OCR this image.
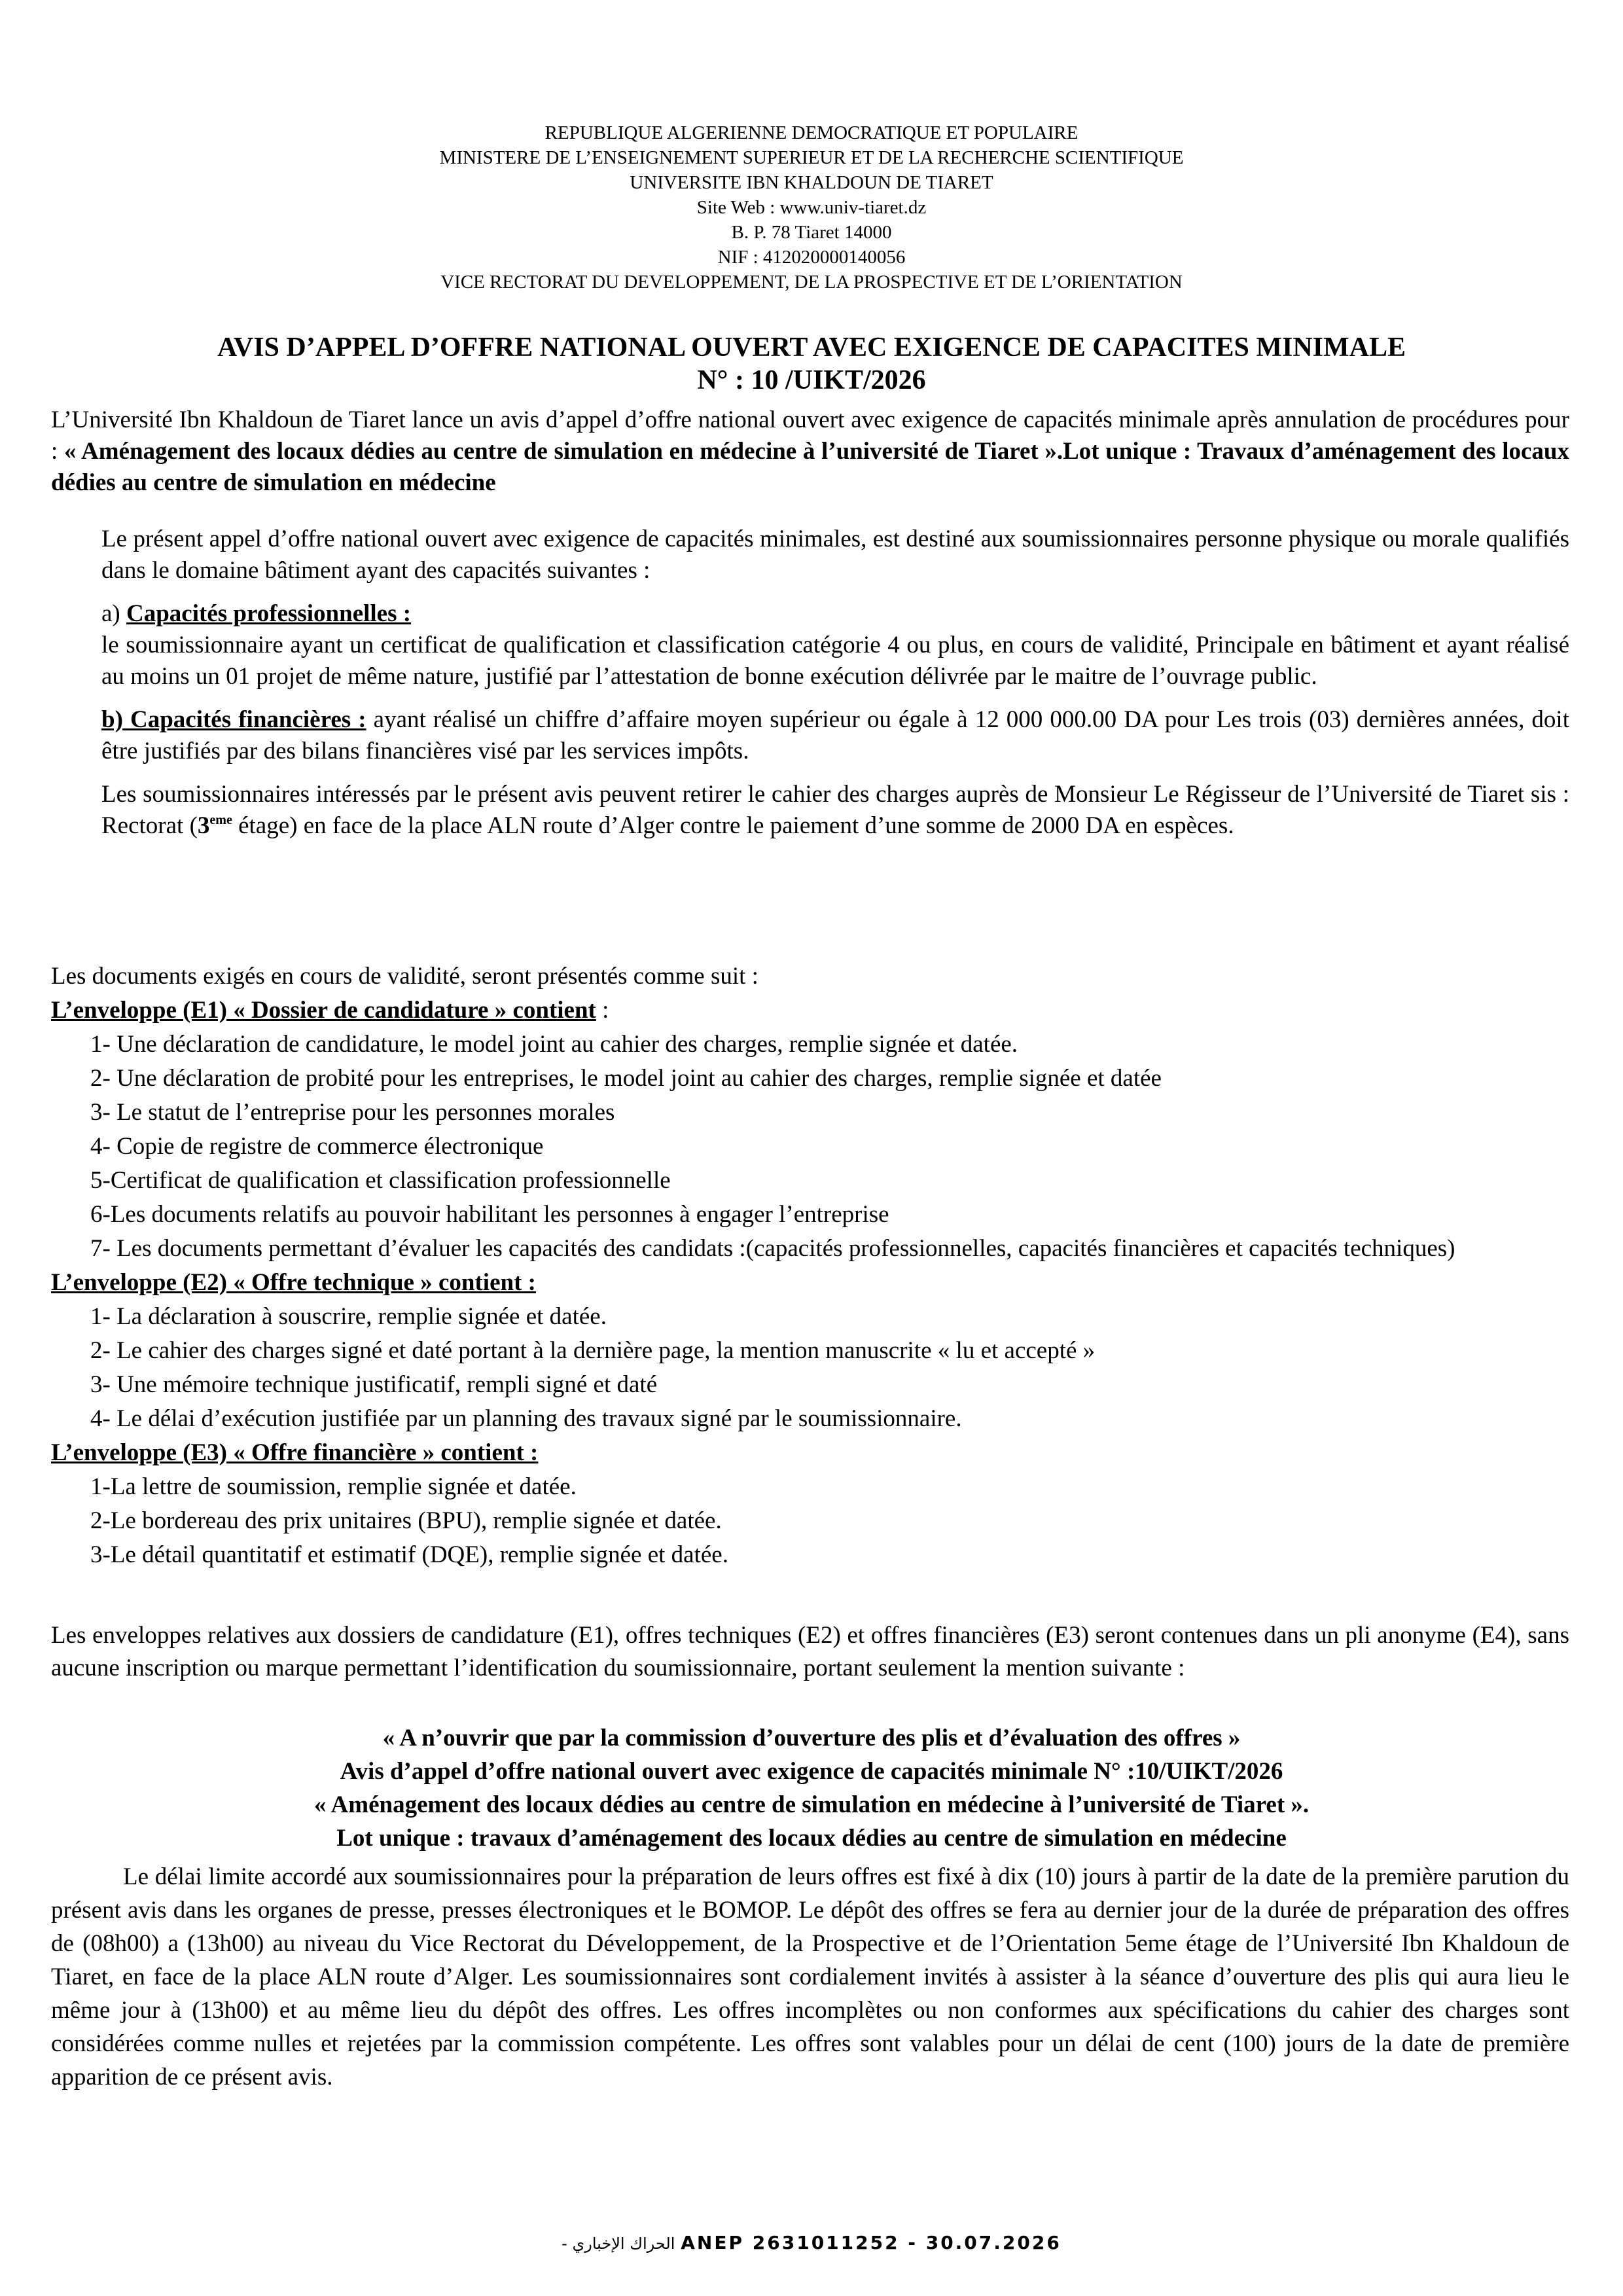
REPUBLIQUE ALGERIENNE DEMOCRATIQUE ET POPULAIRE
MINISTERE DE L’ENSEIGNEMENT SUPERIEUR ET DE LA RECHERCHE SCIENTIFIQUE
UNIVERSITE IBN KHALDOUN DE TIARET
Site Web : www.univ-tiaret.dz
B. P. 78 Tiaret 14000
NIF : 412020000140056
VICE RECTORAT DU DEVELOPPEMENT, DE LA PROSPECTIVE ET DE L’ORIENTATION
AVIS D’APPEL D’OFFRE NATIONAL OUVERT AVEC EXIGENCE DE CAPACITES MINIMALE
N° : 10 /UIKT/2026
L’Université Ibn Khaldoun de Tiaret lance un avis d’appel d’offre national ouvert avec exigence de capacités minimale après annulation de procédures pour : « Aménagement des locaux dédies au centre de simulation en médecine à l’université de Tiaret ».Lot unique : Travaux d’aménagement des locaux dédies au centre de simulation en médecine

Le présent appel d’offre national ouvert avec exigence de capacités minimales, est destiné aux soumissionnaires personne physique ou morale qualifiés dans le domaine bâtiment ayant des capacités suivantes :

a) Capacités professionnelles :

le soumissionnaire ayant un certificat de qualification et classification catégorie 4 ou plus, en cours de validité, Principale en bâtiment et ayant réalisé au moins un 01 projet de même nature, justifié par l’attestation de bonne exécution délivrée par le maitre de l’ouvrage public.

b) Capacités financières : ayant réalisé un chiffre d’affaire moyen supérieur ou égale à 12 000 000.00 DA pour Les trois (03) dernières années, doit être justifiés par des bilans financières visé par les services impôts.

Les soumissionnaires intéressés par le présent avis peuvent retirer le cahier des charges auprès de Monsieur Le Régisseur de l’Université de Tiaret sis : Rectorat (3eme étage) en face de la place ALN route d’Alger contre le paiement d’une somme de 2000 DA en espèces.

Les documents exigés en cours de validité, seront présentés comme suit :
L’enveloppe (E1) « Dossier de candidature » contient :
1- Une déclaration de candidature, le model joint au cahier des charges, remplie signée et datée.
2- Une déclaration de probité pour les entreprises, le model joint au cahier des charges, remplie signée et datée
3- Le statut de l’entreprise pour les personnes morales
4- Copie de registre de commerce électronique
5-Certificat de qualification et classification professionnelle
6-Les documents relatifs au pouvoir habilitant les personnes à engager l’entreprise
7- Les documents permettant d’évaluer les capacités des candidats :(capacités professionnelles, capacités financières et capacités techniques)
L’enveloppe (E2) « Offre technique » contient :
1- La déclaration à souscrire, remplie signée et datée.
2- Le cahier des charges signé et daté portant à la dernière page, la mention manuscrite « lu et accepté »
3- Une mémoire technique justificatif, rempli signé et daté
4- Le délai d’exécution justifiée par un planning des travaux signé par le soumissionnaire.
L’enveloppe (E3) « Offre financière » contient :
1-La lettre de soumission, remplie signée et datée.
2-Le bordereau des prix unitaires (BPU), remplie signée et datée.
3-Le détail quantitatif et estimatif (DQE), remplie signée et datée.
Les enveloppes relatives aux dossiers de candidature (E1), offres techniques (E2) et offres financières (E3) seront contenues dans un pli anonyme (E4), sans aucune inscription ou marque permettant l’identification du soumissionnaire, portant seulement la mention suivante :
« A n’ouvrir que par la commission d’ouverture des plis et d’évaluation des offres »
Avis d’appel d’offre national ouvert avec exigence de capacités minimale N° :10/UIKT/2026
« Aménagement des locaux dédies au centre de simulation en médecine à l’université de Tiaret ».
Lot unique : travaux d’aménagement des locaux dédies au centre de simulation en médecine
Le délai limite accordé aux soumissionnaires pour la préparation de leurs offres est fixé à dix (10) jours à partir de la date de la première parution du présent avis dans les organes de presse, presses électroniques et le BOMOP. Le dépôt des offres se fera au dernier jour de la durée de préparation des offres de (08h00) a (13h00) au niveau du Vice Rectorat du Développement, de la Prospective et de l’Orientation 5eme étage de l’Université Ibn Khaldoun de Tiaret, en face de la place ALN route d’Alger. Les soumissionnaires sont cordialement invités à assister à la séance d’ouverture des plis qui aura lieu le même jour à (13h00) et au même lieu du dépôt des offres. Les offres incomplètes ou non conformes aux spécifications du cahier des charges sont considérées comme nulles et rejetées par la commission compétente. Les offres sont valables pour un délai de cent (100) jours de la date de première apparition de ce présent avis.
الحراك الإخباري - ANEP 2631011252 - 30.07.2026
